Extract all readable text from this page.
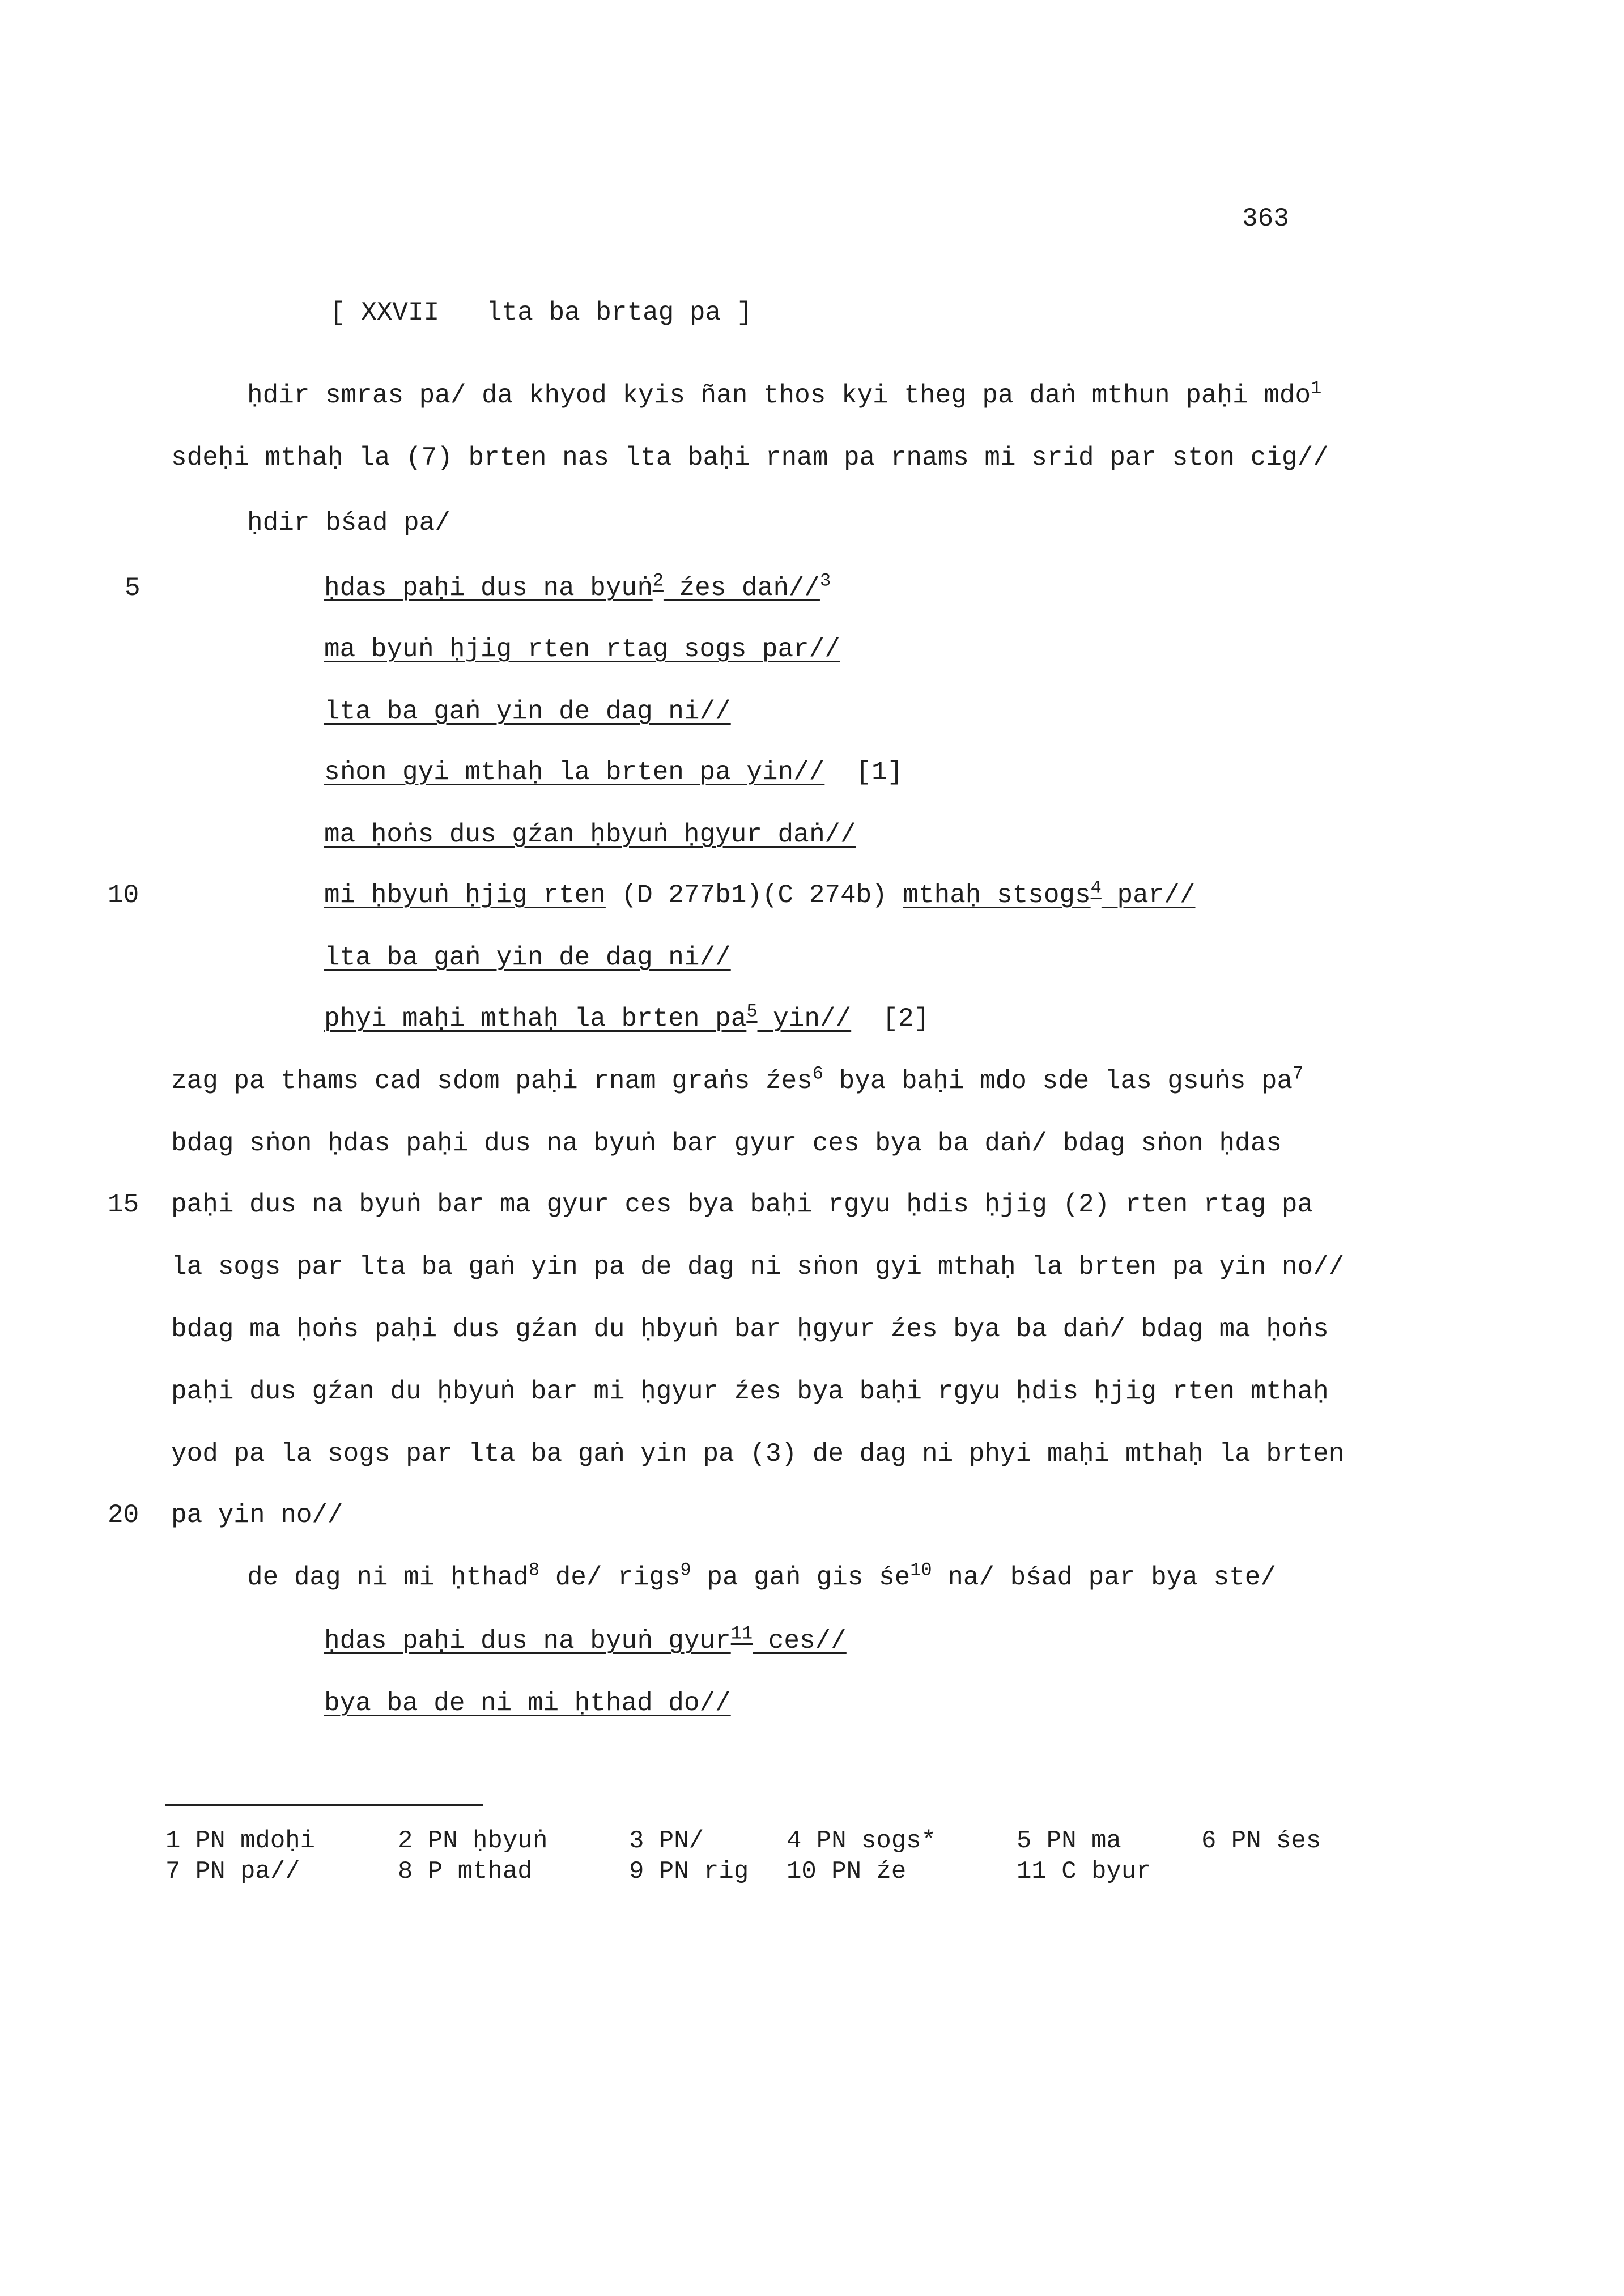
363
[ XXVII   lta ba brtag pa ]
ḥdir smras pa/ da khyod kyis ñan thos kyi theg pa daṅ mthun paḥi mdo$^1$
sdeḥi mthaḥ la (7) brten nas lta baḥi rnam pa rnams mi srid par ston cig//
ḥdir bśad pa/
ḥdas paḥi dus na byuṅ$^2$ źes daṅ//$^3$
5
ma byuṅ ḥjig rten rtag sogs par//
lta ba gaṅ yin de dag ni//
sṅon gyi mthaḥ la brten pa yin//  [1]
ma ḥoṅs dus gźan ḥbyuṅ ḥgyur daṅ//
mi ḥbyuṅ ḥjig rten (D 277b1)(C 274b) mthaḥ stsogs$^4$ par//
10
lta ba gaṅ yin de dag ni//
phyi maḥi mthaḥ la brten pa$^5$ yin//  [2]
zag pa thams cad sdom paḥi rnam graṅs źes$^6$ bya baḥi mdo sde las gsuṅs pa$^7$
bdag sṅon ḥdas paḥi dus na byuṅ bar gyur ces bya ba daṅ/ bdag sṅon ḥdas
paḥi dus na byuṅ bar ma gyur ces bya baḥi rgyu ḥdis ḥjig (2) rten rtag pa
15
la sogs par lta ba gaṅ yin pa de dag ni sṅon gyi mthaḥ la brten pa yin no//
bdag ma ḥoṅs paḥi dus gźan du ḥbyuṅ bar ḥgyur źes bya ba daṅ/ bdag ma ḥoṅs
paḥi dus gźan du ḥbyuṅ bar mi ḥgyur źes bya baḥi rgyu ḥdis ḥjig rten mthaḥ
yod pa la sogs par lta ba gaṅ yin pa (3) de dag ni phyi maḥi mthaḥ la brten
pa yin no//
20
de dag ni mi ḥthad$^8$ de/ rigs$^9$ pa gaṅ gis śe$^{10}$ na/ bśad par bya ste/
ḥdas paḥi dus na byuṅ gyur$^{11}$ ces//
bya ba de ni mi ḥthad do//
1 PN mdoḥi	2 PN ḥbyuṅ	3 PN/	4 PN sogs*	5 PN ma	6 PN śes
7 PN pa//	8 P mthad	9 PN rig 10 PN źe	11 C byur
